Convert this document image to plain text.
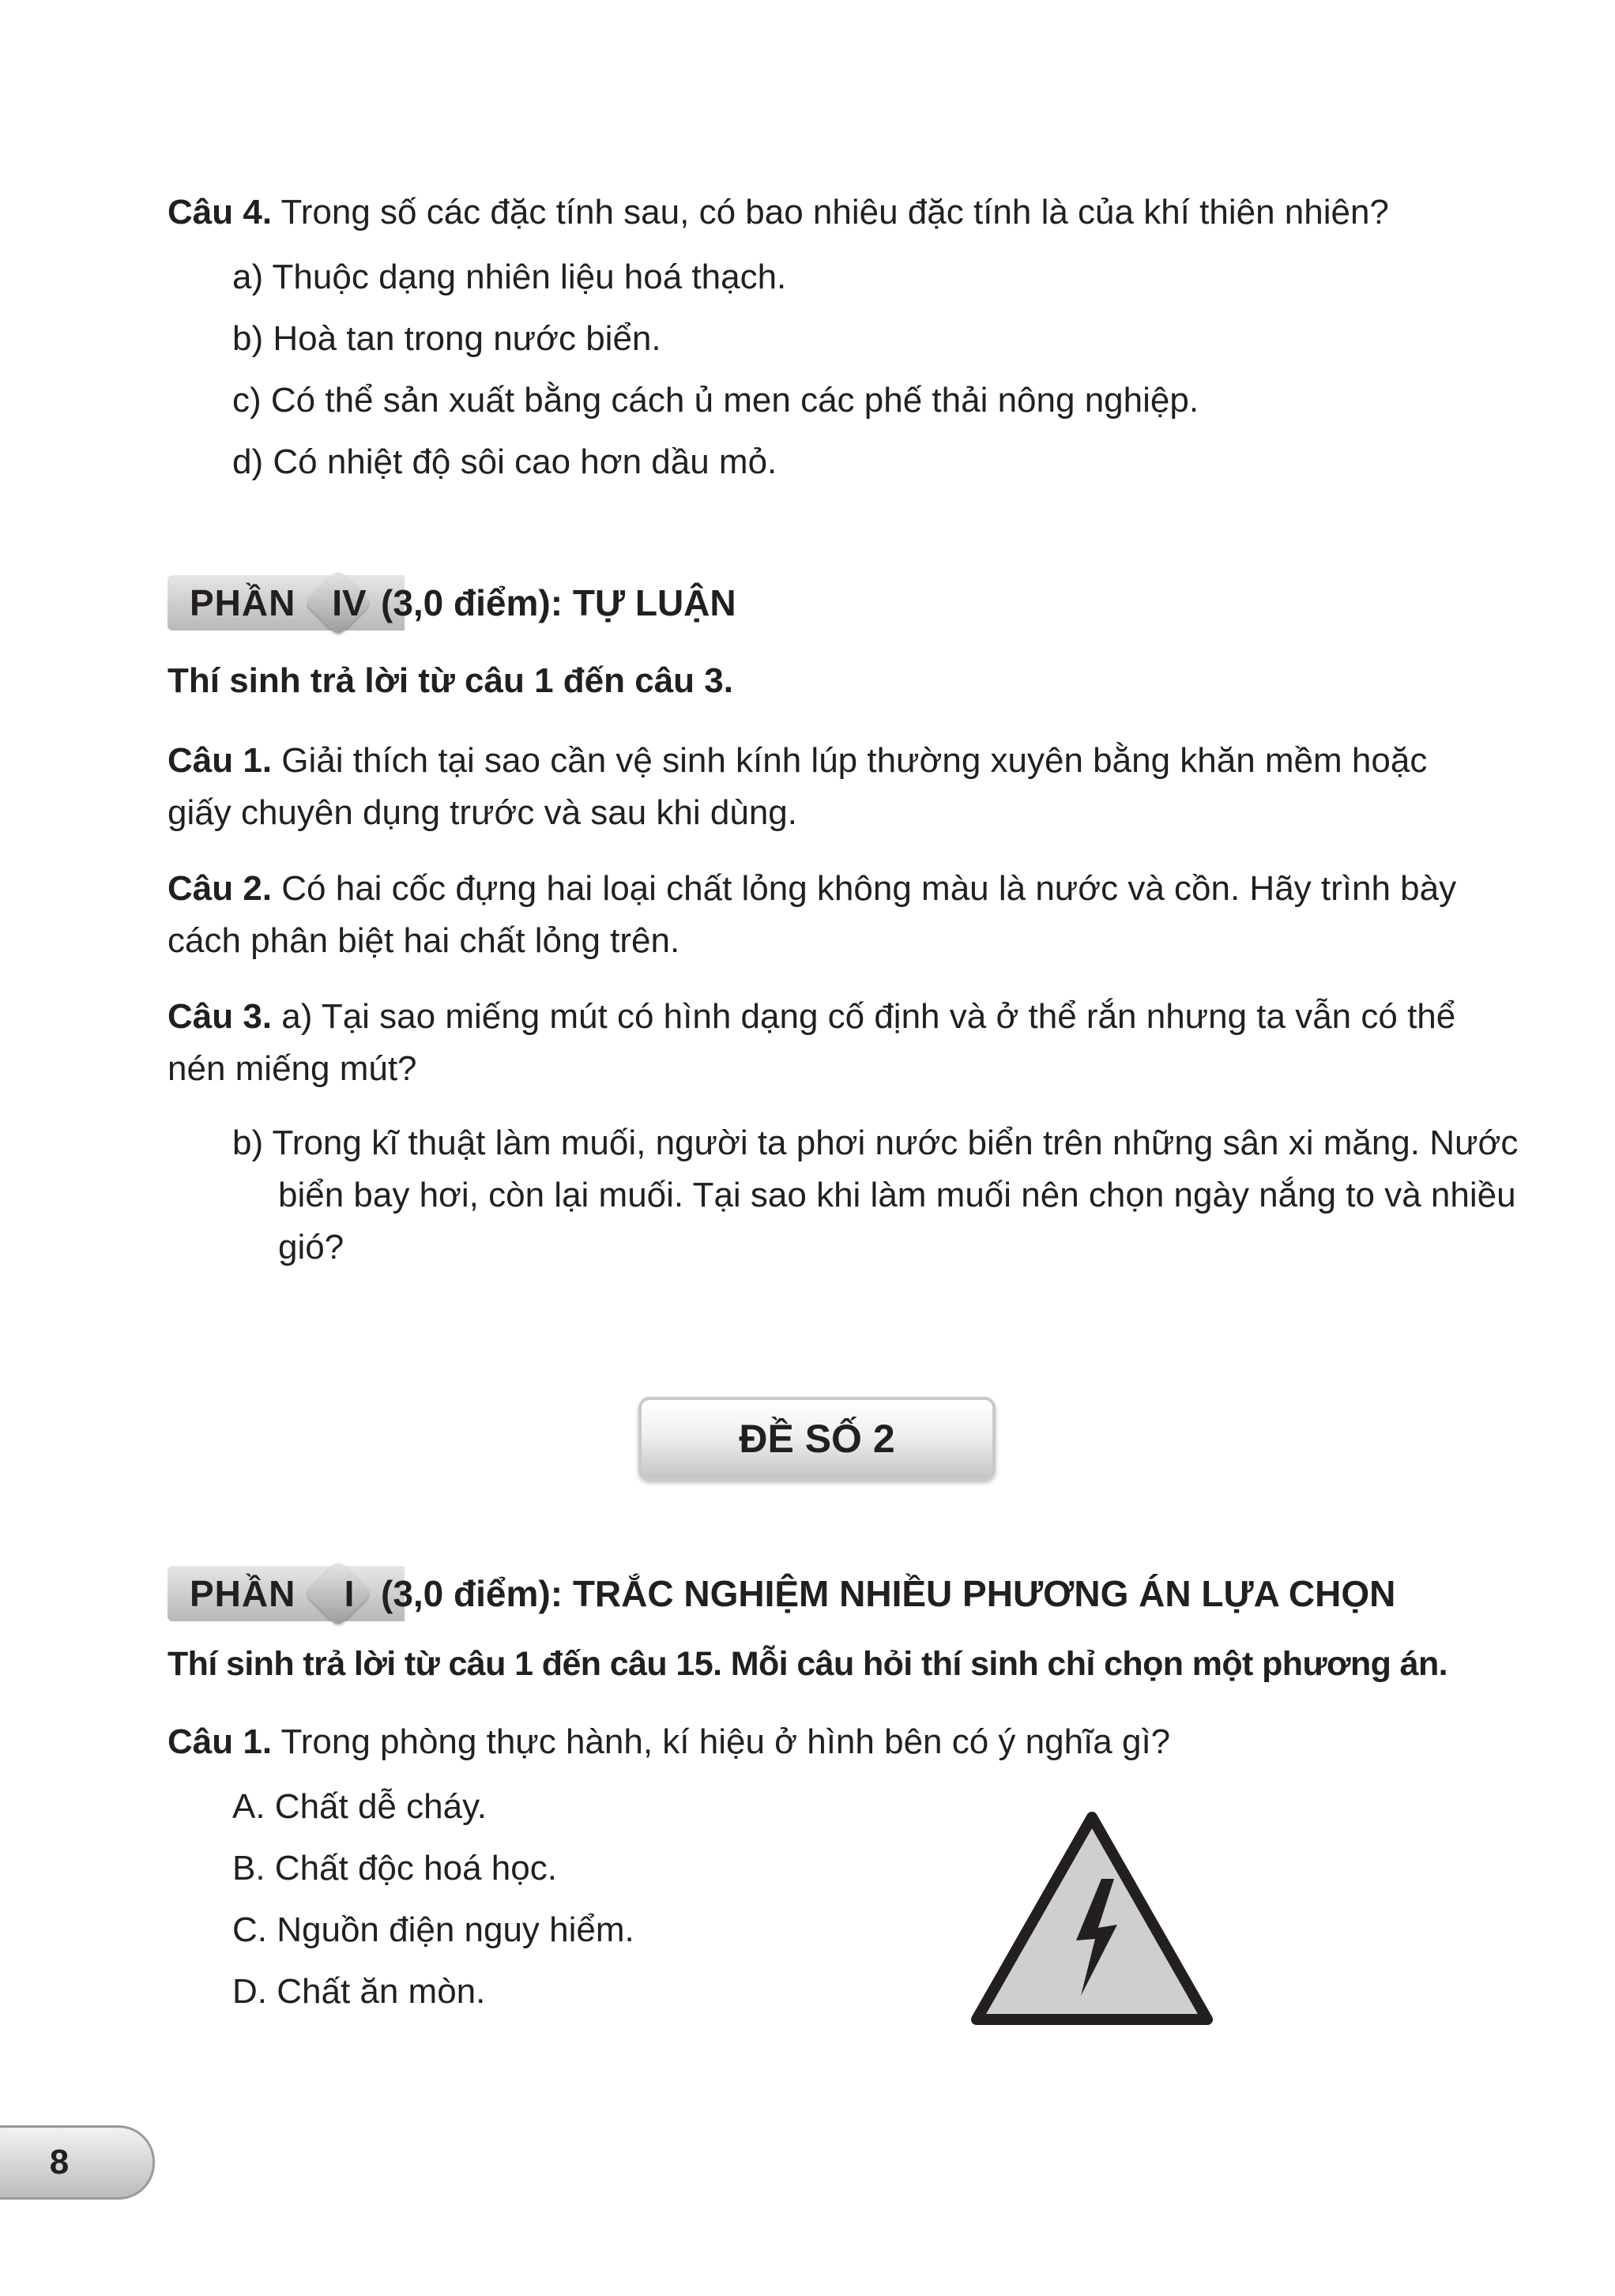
Câu 4. Trong số các đặc tính sau, có bao nhiêu đặc tính là của khí thiên nhiên?

a) Thuộc dạng nhiên liệu hoá thạch.

b) Hoà tan trong nước biển.

c) Có thể sản xuất bằng cách ủ men các phế thải nông nghiệp.

d) Có nhiệt độ sôi cao hơn dầu mỏ.

PHẦN IV (3,0 điểm): TỰ LUẬN

Thí sinh trả lời từ câu 1 đến câu 3.

Câu 1. Giải thích tại sao cần vệ sinh kính lúp thường xuyên bằng khăn mềm hoặc giấy chuyên dụng trước và sau khi dùng.

Câu 2. Có hai cốc đựng hai loại chất lỏng không màu là nước và cồn. Hãy trình bày cách phân biệt hai chất lỏng trên.

Câu 3. a) Tại sao miếng mút có hình dạng cố định và ở thể rắn nhưng ta vẫn có thể nén miếng mút?

b) Trong kĩ thuật làm muối, người ta phơi nước biển trên những sân xi măng. Nước biển bay hơi, còn lại muối. Tại sao khi làm muối nên chọn ngày nắng to và nhiều gió?

ĐỀ SỐ 2
PHẦN	I (3,0 điểm): TRẮC NGHIỆM NHIỀU PHƯƠNG ÁN LỰA CHỌN

Thí sinh trả lời từ câu 1 đến câu 15. Mỗi câu hỏi thí sinh chỉ chọn một phương án.

Câu 1. Trong phòng thực hành, kí hiệu ở hình bên có ý nghĩa gì?

A. Chất dễ cháy.

B. Chất độc hoá học.

C. Nguồn điện nguy hiểm.

D. Chất ăn mòn.

8
